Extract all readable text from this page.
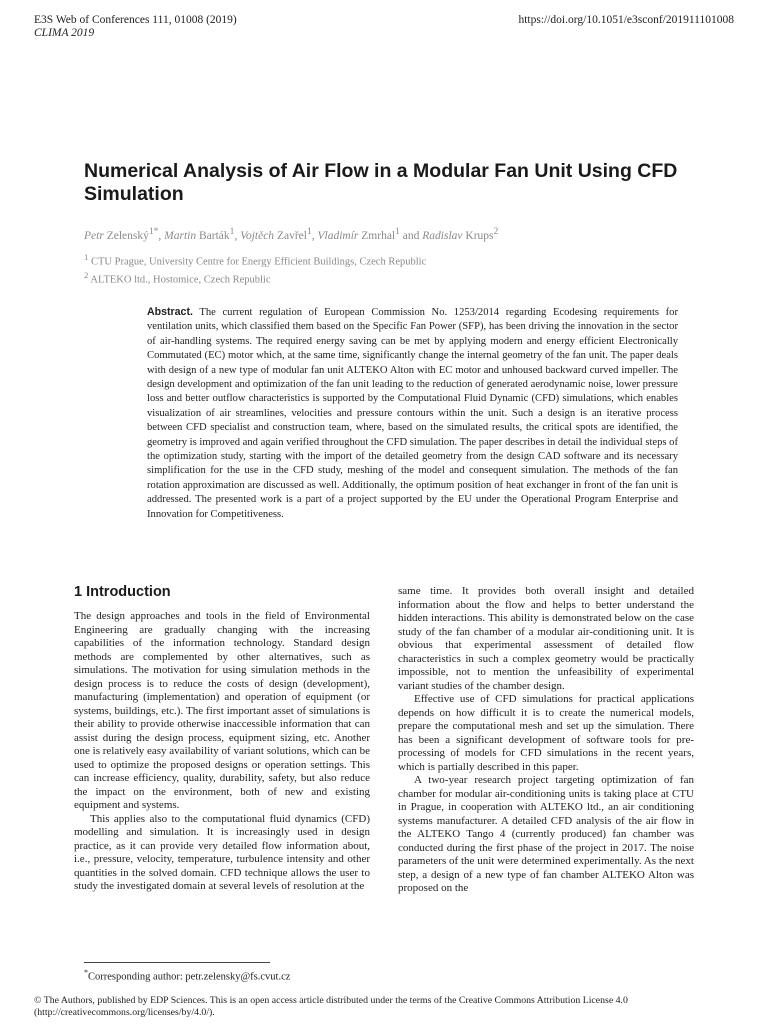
E3S Web of Conferences 111, 01008 (2019)
CLIMA 2019
https://doi.org/10.1051/e3sconf/201911101008
Numerical Analysis of Air Flow in a Modular Fan Unit Using CFD Simulation
Petr Zelenský$^{1*}$, Martin Barták$^1$, Vojtěch Zavřel$^1$, Vladimír Zmrhal$^1$ and Radislav Krups$^2$
$^1$ CTU Prague, University Centre for Energy Efficient Buildings, Czech Republic
$^2$ ALTEKO ltd., Hostomice, Czech Republic

Abstract. The current regulation of European Commission No. 1253/2014 regarding Ecodesing requirements for ventilation units, which classified them based on the Specific Fan Power (SFP), has been driving the innovation in the sector of air-handling systems. The required energy saving can be met by applying modern and energy efficient Electronically Commutated (EC) motor which, at the same time, significantly change the internal geometry of the fan unit. The paper deals with design of a new type of modular fan unit ALTEKO Alton with EC motor and unhoused backward curved impeller. The design development and optimization of the fan unit leading to the reduction of generated aerodynamic noise, lower pressure loss and better outflow characteristics is supported by the Computational Fluid Dynamic (CFD) simulations, which enables visualization of air streamlines, velocities and pressure contours within the unit. Such a design is an iterative process between CFD specialist and construction team, where, based on the simulated results, the critical spots are identified, the geometry is improved and again verified throughout the CFD simulation. The paper describes in detail the individual steps of the optimization study, starting with the import of the detailed geometry from the design CAD software and its necessary simplification for the use in the CFD study, meshing of the model and consequent simulation. The methods of the fan rotation approximation are discussed as well. Additionally, the optimum position of heat exchanger in front of the fan unit is addressed. The presented work is a part of a project supported by the EU under the Operational Program Enterprise and Innovation for Competitiveness.

1 Introduction

The design approaches and tools in the field of Environmental Engineering are gradually changing with the increasing capabilities of the information technology. Standard design methods are complemented by other alternatives, such as simulations. The motivation for using simulation methods in the design process is to reduce the costs of design (development), manufacturing (implementation) and operation of equipment (or systems, buildings, etc.). The first important asset of simulations is their ability to provide otherwise inaccessible information that can assist during the design process, equipment sizing, etc. Another one is relatively easy availability of variant solutions, which can be used to optimize the proposed designs or operation settings. This can increase efficiency, quality, durability, safety, but also reduce the impact on the environment, both of new and existing equipment and systems.

This applies also to the computational fluid dynamics (CFD) modelling and simulation. It is increasingly used in design practice, as it can provide very detailed flow information about, i.e., pressure, velocity, temperature, turbulence intensity and other quantities in the solved domain. CFD technique allows the user to study the investigated domain at several levels of resolution at the

same time. It provides both overall insight and detailed information about the flow and helps to better understand the hidden interactions. This ability is demonstrated below on the case study of the fan chamber of a modular air-conditioning unit. It is obvious that experimental assessment of detailed flow characteristics in such a complex geometry would be practically impossible, not to mention the unfeasibility of experimental variant studies of the chamber design.

Effective use of CFD simulations for practical applications depends on how difficult it is to create the numerical models, prepare the computational mesh and set up the simulation. There has been a significant development of software tools for pre-processing of models for CFD simulations in the recent years, which is partially described in this paper.

A two-year research project targeting optimization of fan chamber for modular air-conditioning units is taking place at CTU in Prague, in cooperation with ALTEKO ltd., an air conditioning systems manufacturer. A detailed CFD analysis of the air flow in the ALTEKO Tango 4 (currently produced) fan chamber was conducted during the first phase of the project in 2017. The noise parameters of the unit were determined experimentally. As the next step, a design of a new type of fan chamber ALTEKO Alton was proposed on the

*Corresponding author: petr.zelensky@fs.cvut.cz
© The Authors, published by EDP Sciences. This is an open access article distributed under the terms of the Creative Commons Attribution License 4.0 (http://creativecommons.org/licenses/by/4.0/).
